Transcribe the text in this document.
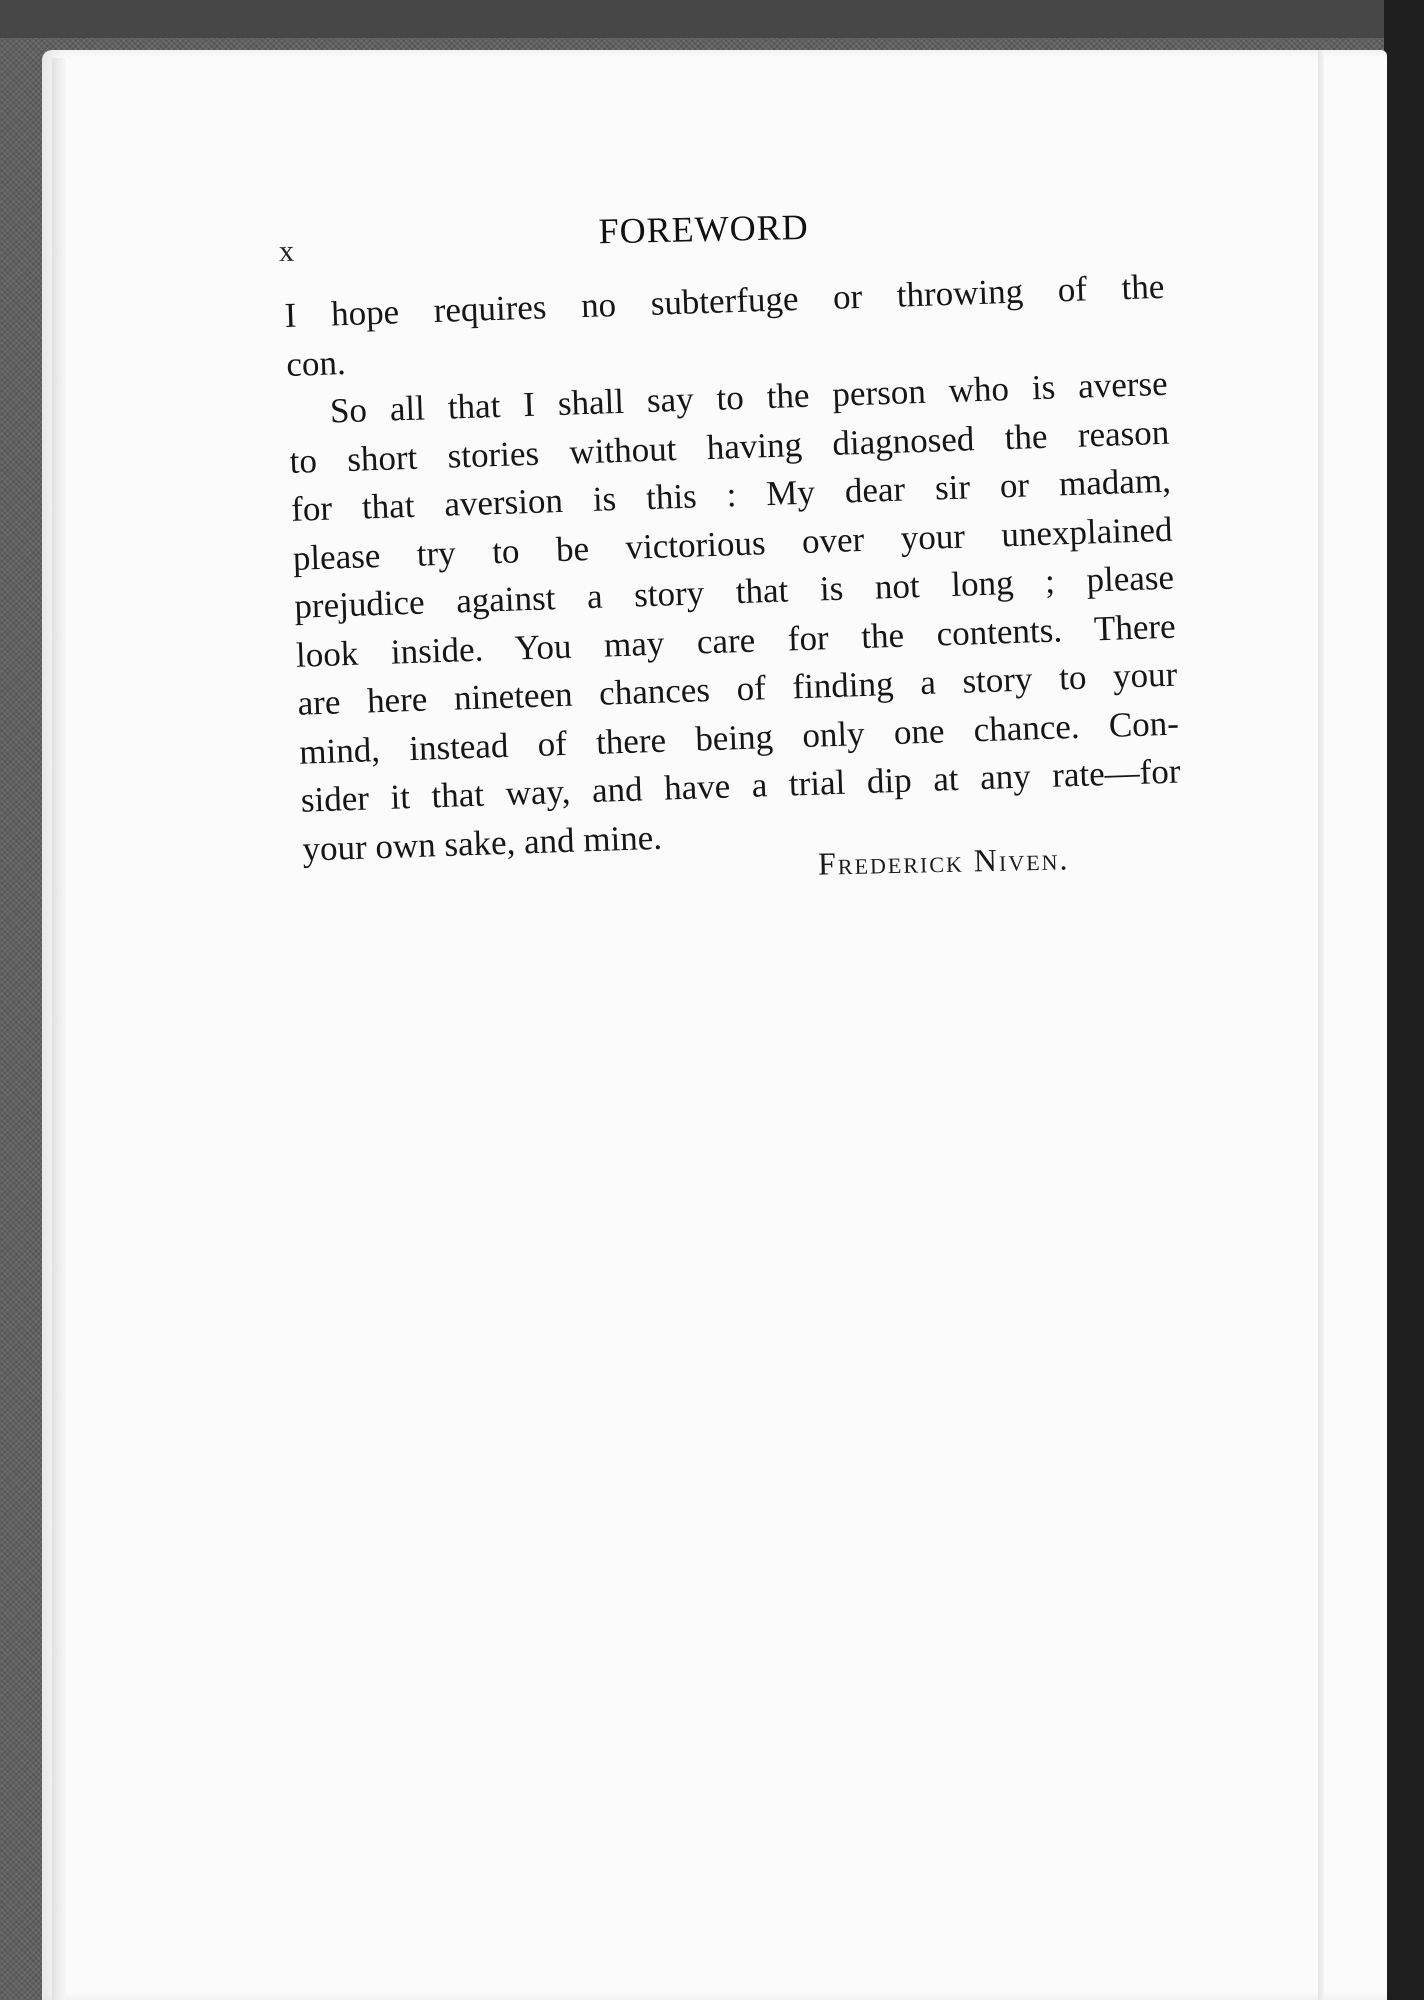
x
FOREWORD
I hope requires no subterfuge or throwing of the
con.
So all that I shall say to the person who is averse
to short stories without having diagnosed the reason
for that aversion is this : My dear sir or madam,
please try to be victorious over your unexplained
prejudice against a story that is not long ; please
look inside. You may care for the contents. There
are here nineteen chances of finding a story to your
mind, instead of there being only one chance. Con-
sider it that way, and have a trial dip at any rate—for
your own sake, and mine.	Frederick Niven.
